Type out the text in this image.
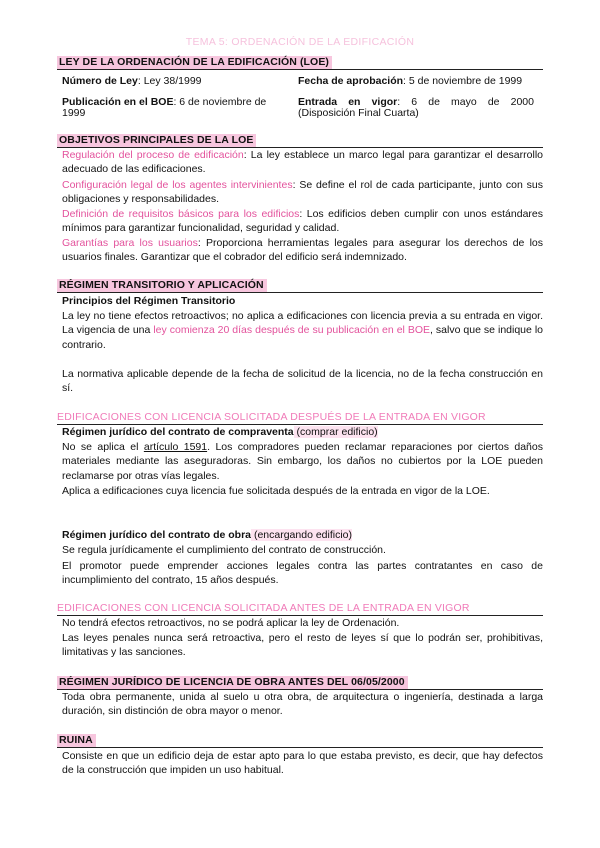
TEMA 5: ORDENACIÓN DE LA EDIFICACIÓN
LEY DE LA ORDENACIÓN DE LA EDIFICACIÓN (LOE)
Número de Ley: Ley 38/1999	Fecha de aprobación: 5 de noviembre de 1999
Publicación en el BOE: 6 de noviembre de 1999
Entrada en vigor: 6 de mayo de 2000 (Disposición Final Cuarta)
OBJETIVOS PRINCIPALES DE LA LOE
Regulación del proceso de edificación: La ley establece un marco legal para garantizar el desarrollo adecuado de las edificaciones.
Configuración legal de los agentes intervinientes: Se define el rol de cada participante, junto con sus obligaciones y responsabilidades.
Definición de requisitos básicos para los edificios: Los edificios deben cumplir con unos estándares mínimos para garantizar funcionalidad, seguridad y calidad.
Garantías para los usuarios: Proporciona herramientas legales para asegurar los derechos de los usuarios finales. Garantizar que el cobrador del edificio será indemnizado.
RÉGIMEN TRANSITORIO Y APLICACIÓN
Principios del Régimen Transitorio
La ley no tiene efectos retroactivos; no aplica a edificaciones con licencia previa a su entrada en vigor. La vigencia de una ley comienza 20 días después de su publicación en el BOE, salvo que se indique lo contrario.
La normativa aplicable depende de la fecha de solicitud de la licencia, no de la fecha construcción en sí.
EDIFICACIONES CON LICENCIA SOLICITADA DESPUÉS DE LA ENTRADA EN VIGOR
Régimen jurídico del contrato de compraventa (comprar edificio)
No se aplica el artículo 1591. Los compradores pueden reclamar reparaciones por ciertos daños materiales mediante las aseguradoras. Sin embargo, los daños no cubiertos por la LOE pueden reclamarse por otras vías legales.
Aplica a edificaciones cuya licencia fue solicitada después de la entrada en vigor de la LOE.
Régimen jurídico del contrato de obra (encargando edificio)
Se regula jurídicamente el cumplimiento del contrato de construcción.
El promotor puede emprender acciones legales contra las partes contratantes en caso de incumplimiento del contrato, 15 años después.
EDIFICACIONES CON LICENCIA SOLICITADA ANTES DE LA ENTRADA EN VIGOR
No tendrá efectos retroactivos, no se podrá aplicar la ley de Ordenación.
Las leyes penales nunca será retroactiva, pero el resto de leyes sí que lo podrán ser, prohibitivas, limitativas y las sanciones.
RÉGIMEN JURÍDICO DE LICENCIA DE OBRA ANTES DEL 06/05/2000
Toda obra permanente, unida al suelo u otra obra, de arquitectura o ingeniería, destinada a larga duración, sin distinción de obra mayor o menor.
RUINA
Consiste en que un edificio deja de estar apto para lo que estaba previsto, es decir, que hay defectos de la construcción que impiden un uso habitual.
